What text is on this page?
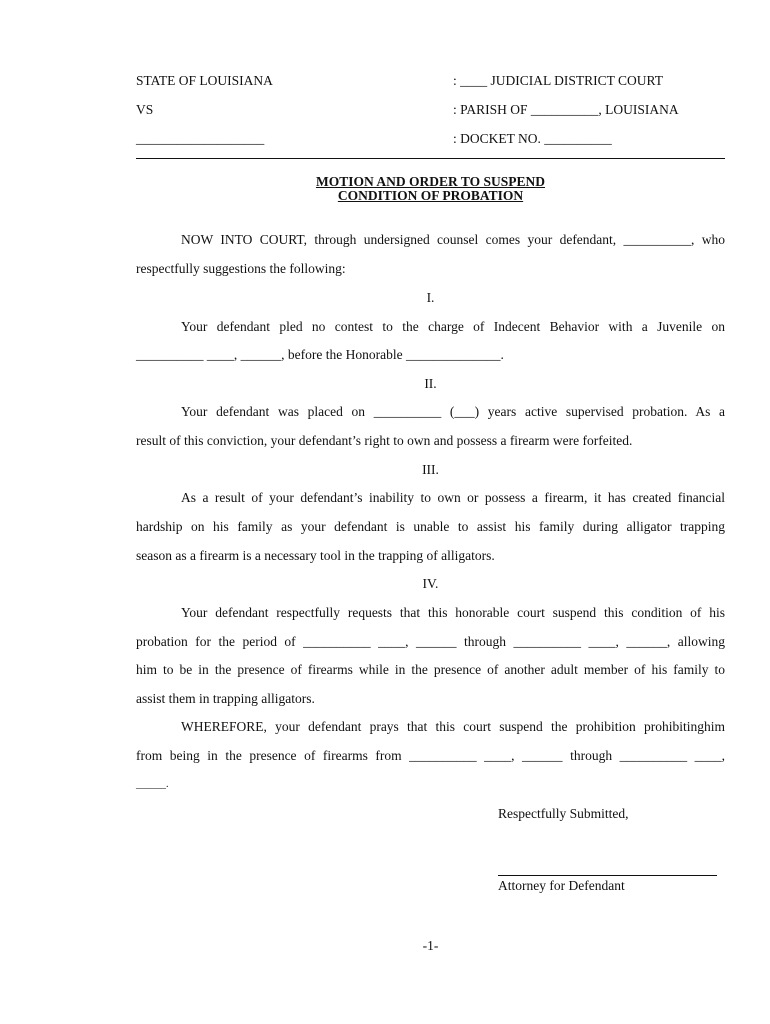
STATE OF LOUISIANA	: ____ JUDICIAL DISTRICT COURT
VS	: PARISH OF __________, LOUISIANA
___________________	: DOCKET NO. __________
MOTION AND ORDER TO SUSPEND
CONDITION OF PROBATION
NOW INTO COURT, through undersigned counsel comes your defendant, __________, who
respectfully suggestions the following:
I.
Your defendant pled no contest to the charge of Indecent Behavior with a Juvenile on
__________ ____, ______, before the Honorable ______________.
II.
Your defendant was placed on __________ (___) years active supervised probation. As a
result of this conviction, your defendant’s right to own and possess a firearm were forfeited.
III.
As a result of your defendant’s inability to own or possess a firearm, it has created financial
hardship on his family as your defendant is unable to assist his family during alligator trapping
season as a firearm is a necessary tool in the trapping of alligators.
IV.
Your defendant respectfully requests that this honorable court suspend this condition of his
probation for the period of __________ ____, ______ through __________ ____, ______, allowing
him to be in the presence of firearms while in the presence of another adult member of his family to
assist them in trapping alligators.
WHEREFORE, your defendant prays that this court suspend the prohibition prohibitinghim
from being in the presence of firearms from __________ ____, ______ through __________ ____,
______.
Respectfully Submitted,
Attorney for Defendant
-1-
